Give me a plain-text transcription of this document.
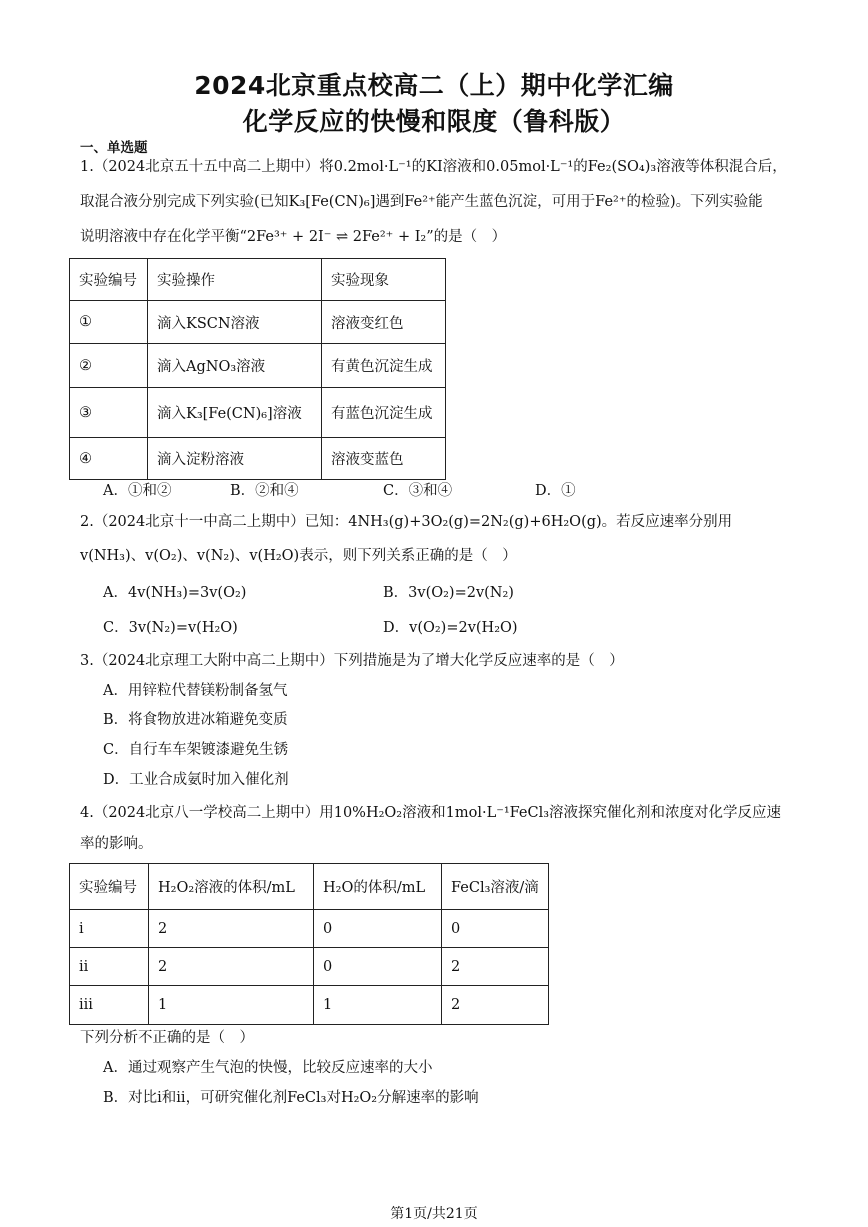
2024北京重点校高二（上）期中化学汇编
化学反应的快慢和限度（鲁科版）
一、单选题
1.（2024北京五十五中高二上期中）将0.2mol·L⁻¹的KI溶液和0.05mol·L⁻¹的Fe₂(SO₄)₃溶液等体积混合后，
取混合液分别完成下列实验(已知K₃[Fe(CN)₆]遇到Fe²⁺能产生蓝色沉淀，可用于Fe²⁺的检验)。下列实验能
说明溶液中存在化学平衡“2Fe³⁺ + 2I⁻ ⇌ 2Fe²⁺ + I₂”的是（　）
实验编号	实验操作	实验现象
①	滴入KSCN溶液	溶液变红色
②	滴入AgNO₃溶液	有黄色沉淀生成
③	滴入K₃[Fe(CN)₆]溶液	有蓝色沉淀生成
④	滴入淀粉溶液	溶液变蓝色
A．①和②	B．②和④	C．③和④	D．①
2.（2024北京十一中高二上期中）已知：4NH₃(g)+3O₂(g)=2N₂(g)+6H₂O(g)。若反应速率分别用
v(NH₃)、v(O₂)、v(N₂)、v(H₂O)表示，则下列关系正确的是（　）
A．4v(NH₃)=3v(O₂)	B．3v(O₂)=2v(N₂)
C．3v(N₂)=v(H₂O)	D．v(O₂)=2v(H₂O)
3.（2024北京理工大附中高二上期中）下列措施是为了增大化学反应速率的是（　）
A．用锌粒代替镁粉制备氢气
B．将食物放进冰箱避免变质
C．自行车车架镀漆避免生锈
D．工业合成氨时加入催化剂
4.（2024北京八一学校高二上期中）用10%H₂O₂溶液和1mol·L⁻¹FeCl₃溶液探究催化剂和浓度对化学反应速
率的影响。
实验编号	H₂O₂溶液的体积/mL	H₂O的体积/mL	FeCl₃溶液/滴
i	2	0	0
ii	2	0	2
iii	1	1	2
下列分析不正确的是（　）
A．通过观察产生气泡的快慢，比较反应速率的大小
B．对比i和ii，可研究催化剂FeCl₃对H₂O₂分解速率的影响
第1页/共21页
